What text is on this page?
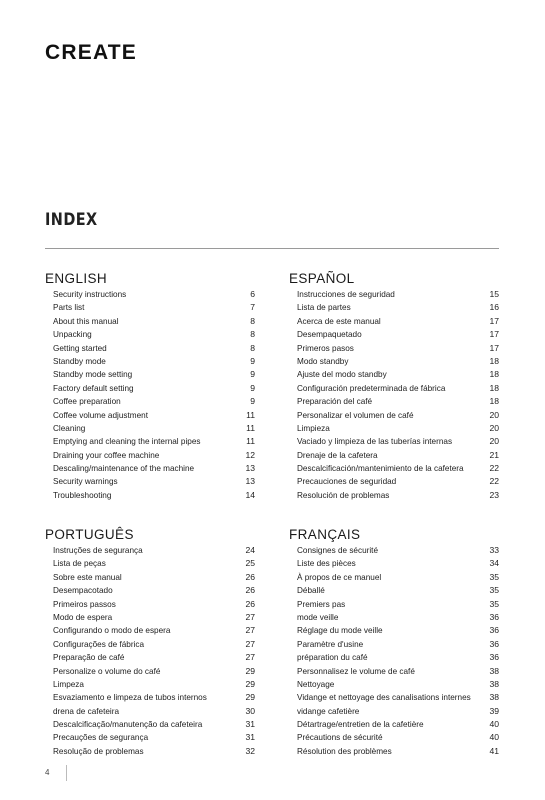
CREATE
INDEX
ENGLISH
Security instructions	6
Parts list	7
About this manual	8
Unpacking	8
Getting started	8
Standby mode	9
Standby mode setting	9
Factory default setting	9
Coffee preparation	9
Coffee volume adjustment	11
Cleaning	11
Emptying and cleaning the internal pipes	11
Draining your coffee machine	12
Descaling/maintenance of the machine	13
Security warnings	13
Troubleshooting	14
ESPAÑOL
Instrucciones de seguridad	15
Lista de partes	16
Acerca de este manual	17
Desempaquetado	17
Primeros pasos	17
Modo standby	18
Ajuste del modo standby	18
Configuración predeterminada de fábrica	18
Preparación del café	18
Personalizar el volumen de café	20
Limpieza	20
Vaciado y limpieza de las tuberías internas	20
Drenaje de la cafetera	21
Descalcificación/mantenimiento de la cafetera	22
Precauciones de seguridad	22
Resolución de problemas	23
PORTUGUÊS
Instruções de segurança	24
Lista de peças	25
Sobre este manual	26
Desempacotado	26
Primeiros passos	26
Modo de espera	27
Configurando o modo de espera	27
Configurações de fábrica	27
Preparação de café	27
Personalize o volume do café	29
Limpeza	29
Esvaziamento e limpeza de tubos internos	29
drena de cafeteira	30
Descalcificação/manutenção da cafeteira	31
Precauções de segurança	31
Resolução de problemas	32
FRANÇAIS
Consignes de sécurité	33
Liste des pièces	34
À propos de ce manuel	35
Déballé	35
Premiers pas	35
mode veille	36
Réglage du mode veille	36
Paramètre d'usine	36
préparation du café	36
Personnalisez le volume de café	38
Nettoyage	38
Vidange et nettoyage des canalisations internes 38
vidange cafetière	39
Détartrage/entretien de la cafetière	40
Précautions de sécurité	40
Résolution des problèmes	41
4
